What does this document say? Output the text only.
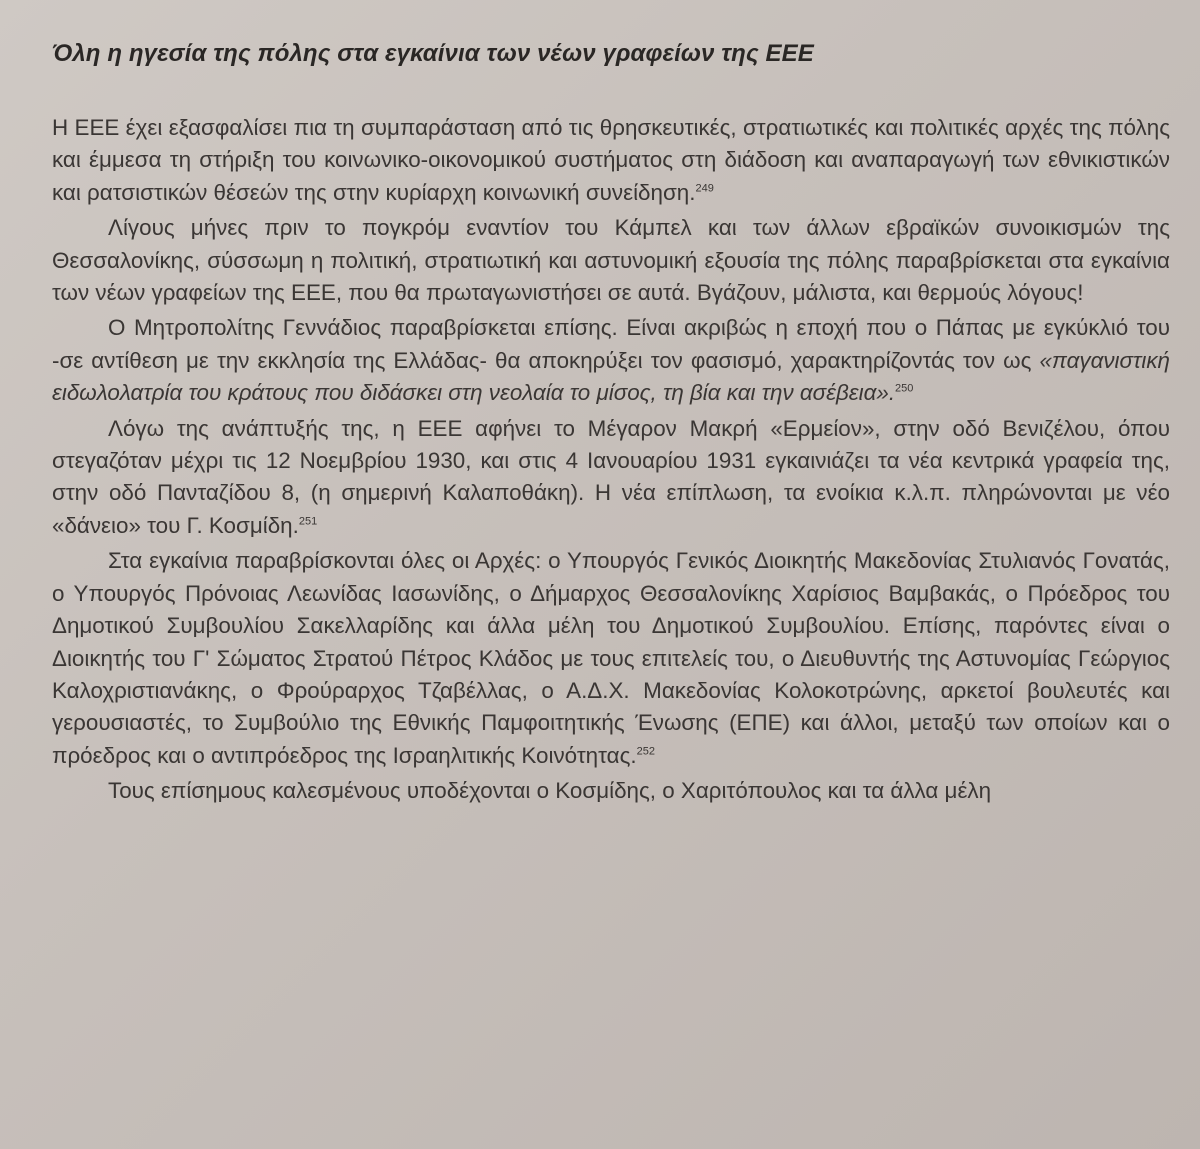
Όλη η ηγεσία της πόλης στα εγκαίνια των νέων γραφείων της ΕΕΕ

Η ΕΕΕ έχει εξασφαλίσει πια τη συμπαράσταση από τις θρησκευτικές, στρατιωτικές και πολιτικές αρχές της πόλης και έμμεσα τη στήριξη του κοινωνικο-οικονομικού συστήματος στη διάδοση και αναπαραγωγή των εθνικιστικών και ρατσιστικών θέσεών της στην κυρίαρχη κοινωνική συνείδηση.$^{249}$

Λίγους μήνες πριν το πογκρόμ εναντίον του Κάμπελ και των άλλων εβραϊκών συνοικισμών της Θεσσαλονίκης, σύσσωμη η πολιτική, στρατιωτική και αστυνομική εξουσία της πόλης παραβρίσκεται στα εγκαίνια των νέων γραφείων της ΕΕΕ, που θα πρωταγωνιστήσει σε αυτά. Βγάζουν, μάλιστα, και θερμούς λόγους!

Ο Μητροπολίτης Γεννάδιος παραβρίσκεται επίσης. Είναι ακριβώς η εποχή που ο Πάπας με εγκύκλιό του -σε αντίθεση με την εκκλησία της Ελλάδας- θα αποκηρύξει τον φασισμό, χαρακτηρίζοντάς τον ως «παγανιστική ειδωλολατρία του κράτους που διδάσκει στη νεολαία το μίσος, τη βία και την ασέβεια».$^{250}$

Λόγω της ανάπτυξής της, η ΕΕΕ αφήνει το Μέγαρον Μακρή «Ερμείον», στην οδό Βενιζέλου, όπου στεγαζόταν μέχρι τις 12 Νοεμβρίου 1930, και στις 4 Ιανουαρίου 1931 εγκαινιάζει τα νέα κεντρικά γραφεία της, στην οδό Πανταζίδου 8, (η σημερινή Καλαποθάκη). Η νέα επίπλωση, τα ενοίκια κ.λ.π. πληρώνονται με νέο «δάνειο» του Γ. Κοσμίδη.$^{251}$

Στα εγκαίνια παραβρίσκονται όλες οι Αρχές: ο Υπουργός Γενικός Διοικητής Μακεδονίας Στυλιανός Γονατάς, ο Υπουργός Πρόνοιας Λεωνίδας Ιασωνίδης, ο Δήμαρχος Θεσσαλονίκης Χαρίσιος Βαμβακάς, ο Πρόεδρος του Δημοτικού Συμβουλίου Σακελλαρίδης και άλλα μέλη του Δημοτικού Συμβουλίου. Επίσης, παρόντες είναι ο Διοικητής του Γ' Σώματος Στρατού Πέτρος Κλάδος με τους επιτελείς του, ο Διευθυντής της Αστυνομίας Γεώργιος Καλοχριστιανάκης, ο Φρούραρχος Τζαβέλλας, ο Α.Δ.Χ. Μακεδονίας Κολοκοτρώνης, αρκετοί βουλευτές και γερουσιαστές, το Συμβούλιο της Εθνικής Παμφοιτητικής Ένωσης (ΕΠΕ) και άλλοι, μεταξύ των οποίων και ο πρόεδρος και ο αντιπρόεδρος της Ισραηλιτικής Κοινότητας.$^{252}$

Τους επίσημους καλεσμένους υποδέχονται ο Κοσμίδης, ο Χαριτόπουλος και τα άλλα μέλη
